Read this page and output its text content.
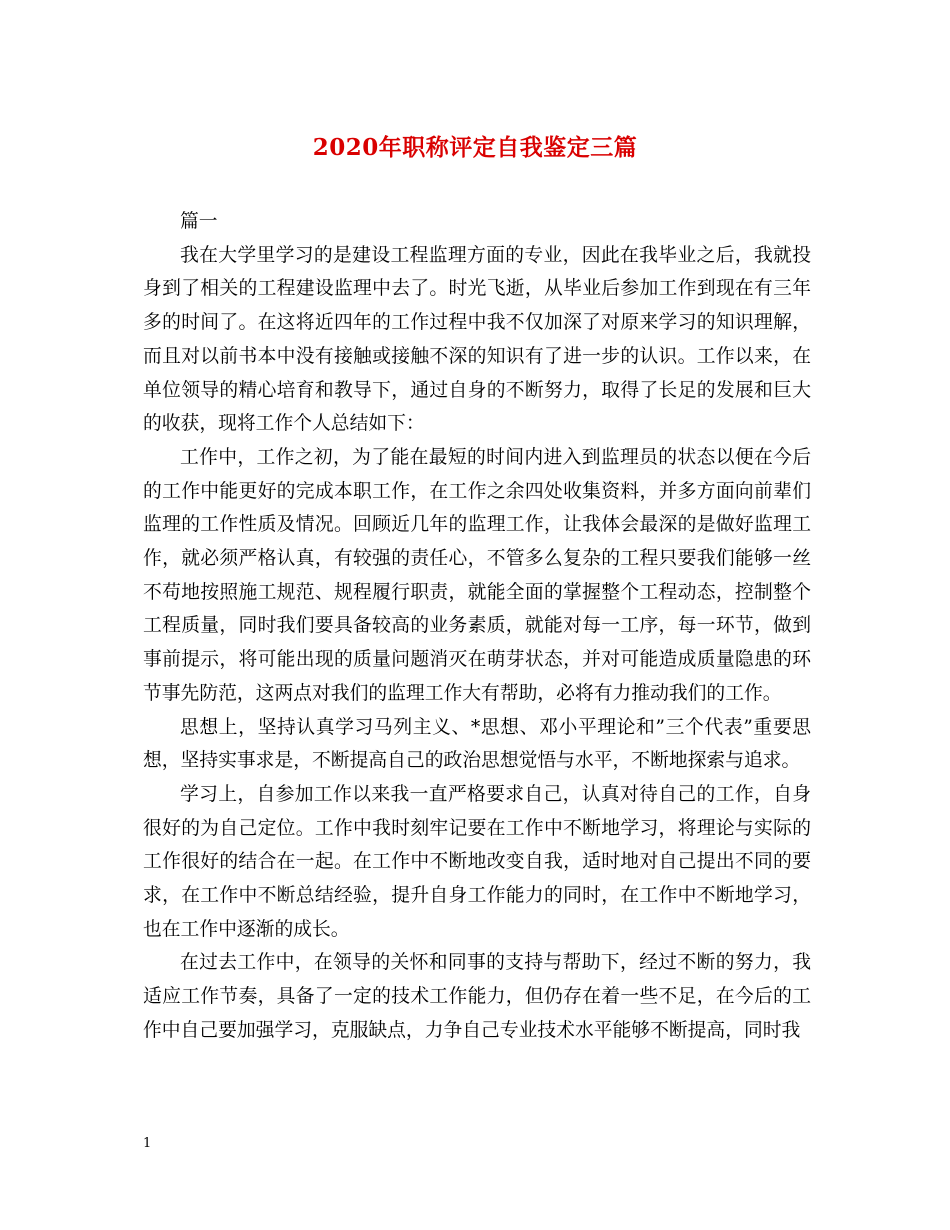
2020年职称评定自我鉴定三篇

篇一

我在大学里学习的是建设工程监理方面的专业，因此在我毕业之后，我就投身到了相关的工程建设监理中去了。时光飞逝，从毕业后参加工作到现在有三年多的时间了。在这将近四年的工作过程中我不仅加深了对原来学习的知识理解，而且对以前书本中没有接触或接触不深的知识有了进一步的认识。工作以来，在单位领导的精心培育和教导下，通过自身的不断努力，取得了长足的发展和巨大的收获，现将工作个人总结如下：

工作中，工作之初，为了能在最短的时间内进入到监理员的状态以便在今后的工作中能更好的完成本职工作，在工作之余四处收集资料，并多方面向前辈们监理的工作性质及情况。回顾近几年的监理工作，让我体会最深的是做好监理工作，就必须严格认真，有较强的责任心，不管多么复杂的工程只要我们能够一丝不苟地按照施工规范、规程履行职责，就能全面的掌握整个工程动态，控制整个工程质量，同时我们要具备较高的业务素质，就能对每一工序，每一环节，做到事前提示，将可能出现的质量问题消灭在萌芽状态，并对可能造成质量隐患的环节事先防范，这两点对我们的监理工作大有帮助，必将有力推动我们的工作。

思想上，坚持认真学习马列主义、*思想、邓小平理论和”三个代表”重要思想，坚持实事求是，不断提高自己的政治思想觉悟与水平，不断地探索与追求。

学习上，自参加工作以来我一直严格要求自己，认真对待自己的工作，自身很好的为自己定位。工作中我时刻牢记要在工作中不断地学习，将理论与实际的工作很好的结合在一起。在工作中不断地改变自我，适时地对自己提出不同的要求，在工作中不断总结经验，提升自身工作能力的同时，在工作中不断地学习，也在工作中逐渐的成长。

在过去工作中，在领导的关怀和同事的支持与帮助下，经过不断的努力，我适应工作节奏，具备了一定的技术工作能力，但仍存在着一些不足，在今后的工作中自己要加强学习，克服缺点，力争自己专业技术水平能够不断提高，同时我

1
